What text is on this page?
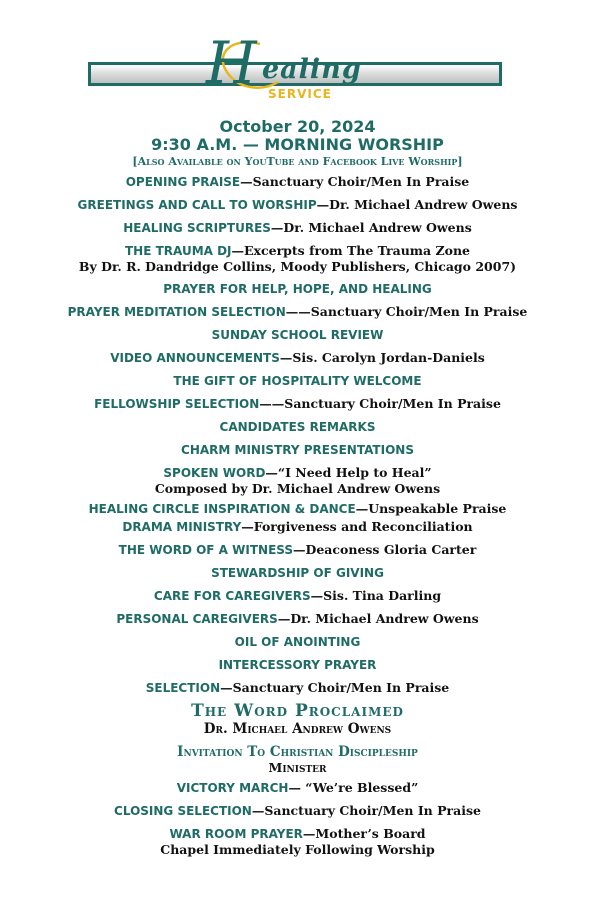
H ealing
SERVICE
October 20, 2024
9:30 A.M. — MORNING WORSHIP
[Also Available on YouTube and Facebook Live Worship]
OPENING PRAISE—Sanctuary Choir/Men In Praise
GREETINGS AND CALL TO WORSHIP—Dr. Michael Andrew Owens
HEALING SCRIPTURES—Dr. Michael Andrew Owens
THE TRAUMA DJ—Excerpts from The Trauma Zone
By Dr. R. Dandridge Collins, Moody Publishers, Chicago 2007)
PRAYER FOR HELP, HOPE, AND HEALING
PRAYER MEDITATION SELECTION——Sanctuary Choir/Men In Praise
SUNDAY SCHOOL REVIEW
VIDEO ANNOUNCEMENTS—Sis. Carolyn Jordan-Daniels
THE GIFT OF HOSPITALITY WELCOME
FELLOWSHIP SELECTION——Sanctuary Choir/Men In Praise
CANDIDATES REMARKS
CHARM MINISTRY PRESENTATIONS
SPOKEN WORD—“I Need Help to Heal”
Composed by Dr. Michael Andrew Owens
HEALING CIRCLE INSPIRATION & DANCE—Unspeakable Praise
DRAMA MINISTRY—Forgiveness and Reconciliation
THE WORD OF A WITNESS—Deaconess Gloria Carter
STEWARDSHIP OF GIVING
CARE FOR CAREGIVERS—Sis. Tina Darling
PERSONAL CAREGIVERS—Dr. Michael Andrew Owens
OIL OF ANOINTING
INTERCESSORY PRAYER
SELECTION—Sanctuary Choir/Men In Praise
The Word Proclaimed
Dr. Michael Andrew Owens
Invitation To Christian Discipleship
Minister
VICTORY MARCH— “We’re Blessed”
CLOSING SELECTION—Sanctuary Choir/Men In Praise
WAR ROOM PRAYER—Mother’s Board
Chapel Immediately Following Worship
